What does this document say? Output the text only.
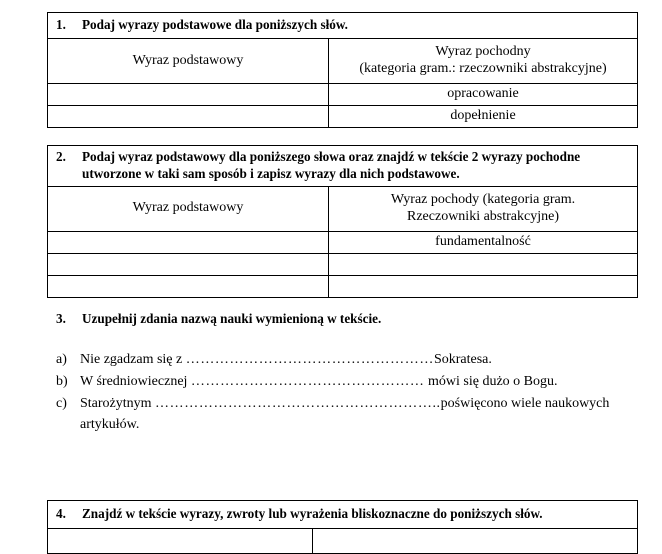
1. Podaj wyrazy podstawowe dla poniższych słów.	

Wyraz podstawowy	Wyraz pochodny
(kategoria gram.: rzeczowniki abstrakcyjne)

	opracowanie
	dopełnienie
2. Podaj wyraz podstawowy dla poniższego słowa oraz znajdź w tekście 2 wyrazy pochodne utworzone w taki sam sposób i zapisz wyrazy dla nich podstawowe.	

Wyraz podstawowy	Wyraz pochody (kategoria gram.
Rzeczowniki abstrakcyjne)

	fundamentalność

3.	Uzupełnij zdania nazwą nauki wymienioną w tekście.
a) Nie zgadzam się z ……………………………………………Sokratesa.
b) W średniowiecznej ………………………………………… mówi się dużo o Bogu.
c) Starożytnym …………………………………………………..poświęcono wiele naukowych artykułów.
4.	Znajdź w tekście wyrazy, zwroty lub wyrażenia bliskoznaczne do poniższych słów.
